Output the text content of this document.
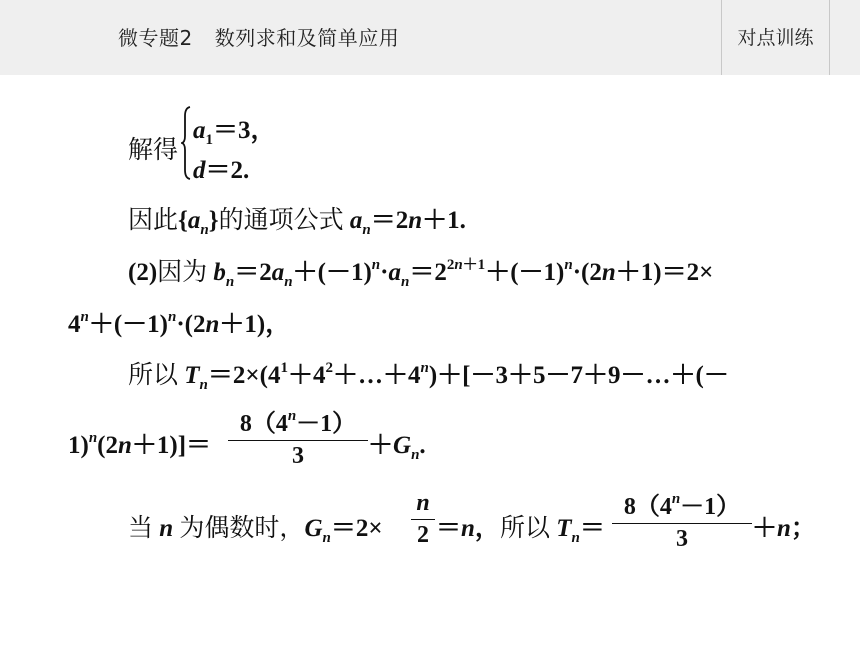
微专题2 数列求和及简单应用	对点训练
解得
$a_1=3$，
d＝2.
因此$\{a_n\}$的通项公式 $a_n=2n+1$.
(2)因为 $b_n=2a_n+(-1)^n\cdot a_n=2^{2n+1}+(-1)^n\cdot(2n+1)=2\times$
$4^n+(-1)^n\cdot(2n+1)$，
所以 $T_n=2\times(4^1+4^2+\dots+4^n)+[-3+5-7+9-\dots+(-$
1)$^n$(2n＋1)]＝
$8(4^n-1)$
3	$+G_n$.
当 n 为偶数时，$G_n=2\times$
n
2 ＝n，所以 $T_n=$
$8(4^n-1)$
3	＋n；
